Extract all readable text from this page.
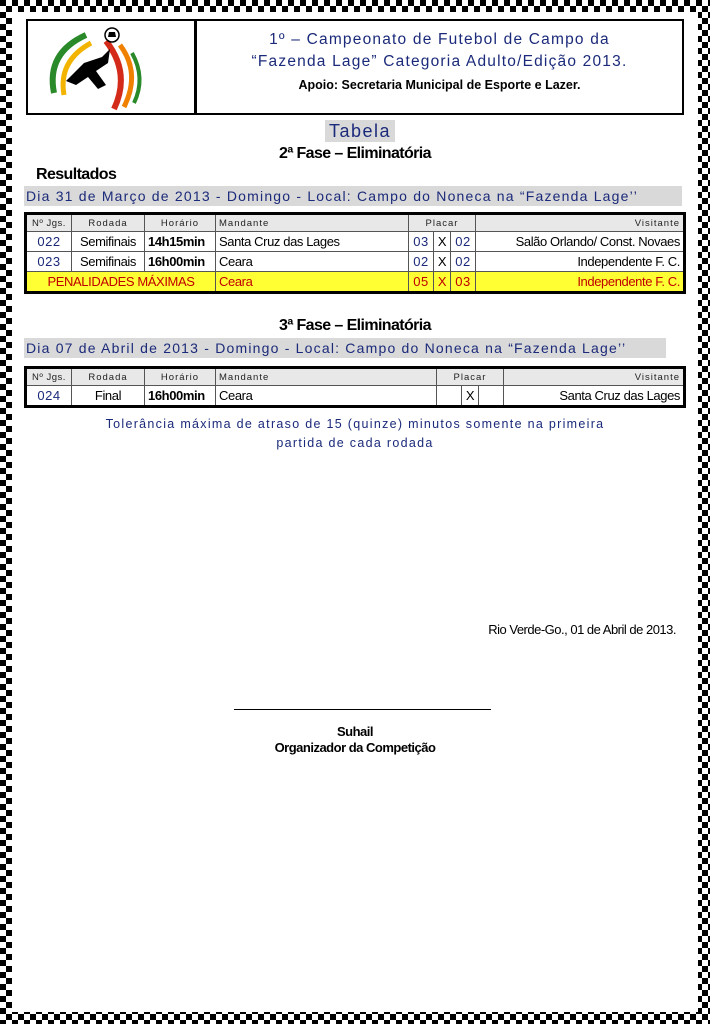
1º – Campeonato de Futebol de Campo da
“Fazenda Lage” Categoria Adulto/Edição 2013.
Apoio: Secretaria Municipal de Esporte e Lazer.
Tabela
2ª Fase – Eliminatória
Resultados
Dia 31 de Março de 2013 - Domingo - Local: Campo do Noneca na “Fazenda Lage’’
Nº Jgs.	Rodada	Horário	Mandante	Placar			Visitante
022	Semifinais	14h15min	Santa Cruz das Lages	03	X	02	Salão Orlando/ Const. Novaes
023	Semifinais	16h00min	Ceara	02	X	02	Independente F. C.
PENALIDADES MÁXIMAS			Ceara	05	X	03	Independente F. C.
3ª Fase – Eliminatória
Dia 07 de Abril de 2013 - Domingo - Local: Campo do Noneca na “Fazenda Lage’’
Nº Jgs.	Rodada	Horário	Mandante	Placar			Visitante
024	Final	16h00min	Ceara		X		Santa Cruz das Lages
Tolerância máxima de atraso de 15 (quinze) minutos somente na primeira
partida de cada rodada
Rio Verde-Go., 01 de Abril de 2013.
Suhail
Organizador da Competição
